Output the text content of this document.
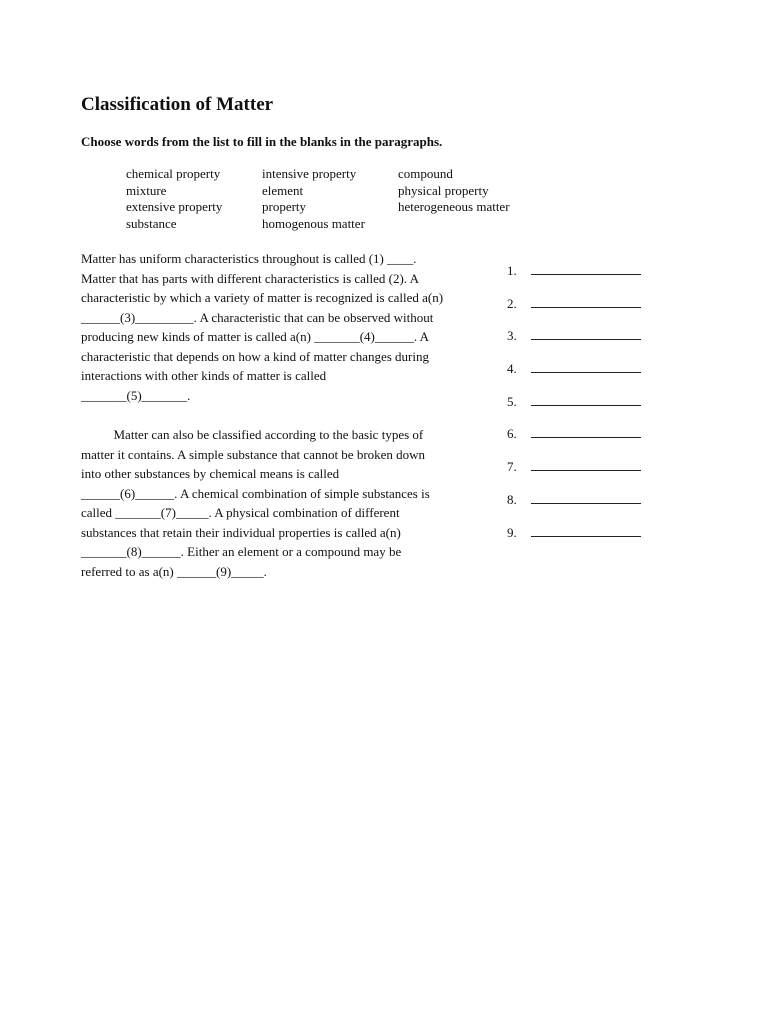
Classification of Matter

Choose words from the list to fill in the blanks in the paragraphs.

chemical property
mixture
extensive property
substance
intensive property
element
property
homogenous matter
compound
physical property
heterogeneous matter
Matter has uniform characteristics throughout is called (1) ____.
Matter that has parts with different characteristics is called (2). A
characteristic by which a variety of matter is recognized is called a(n)
______(3)_________. A characteristic that can be observed without
producing new kinds of matter is called a(n) _______(4)______. A
characteristic that depends on how a kind of matter changes during
interactions with other kinds of matter is called
_______(5)_______.
Matter can also be classified according to the basic types of
matter it contains. A simple substance that cannot be broken down
into other substances by chemical means is called
______(6)______. A chemical combination of simple substances is
called _______(7)_____. A physical combination of different
substances that retain their individual properties is called a(n)
_______(8)______. Either an element or a compound may be
referred to as a(n) ______(9)_____.
1.
2.
3.
4.
5.
6.
7.
8.
9.
